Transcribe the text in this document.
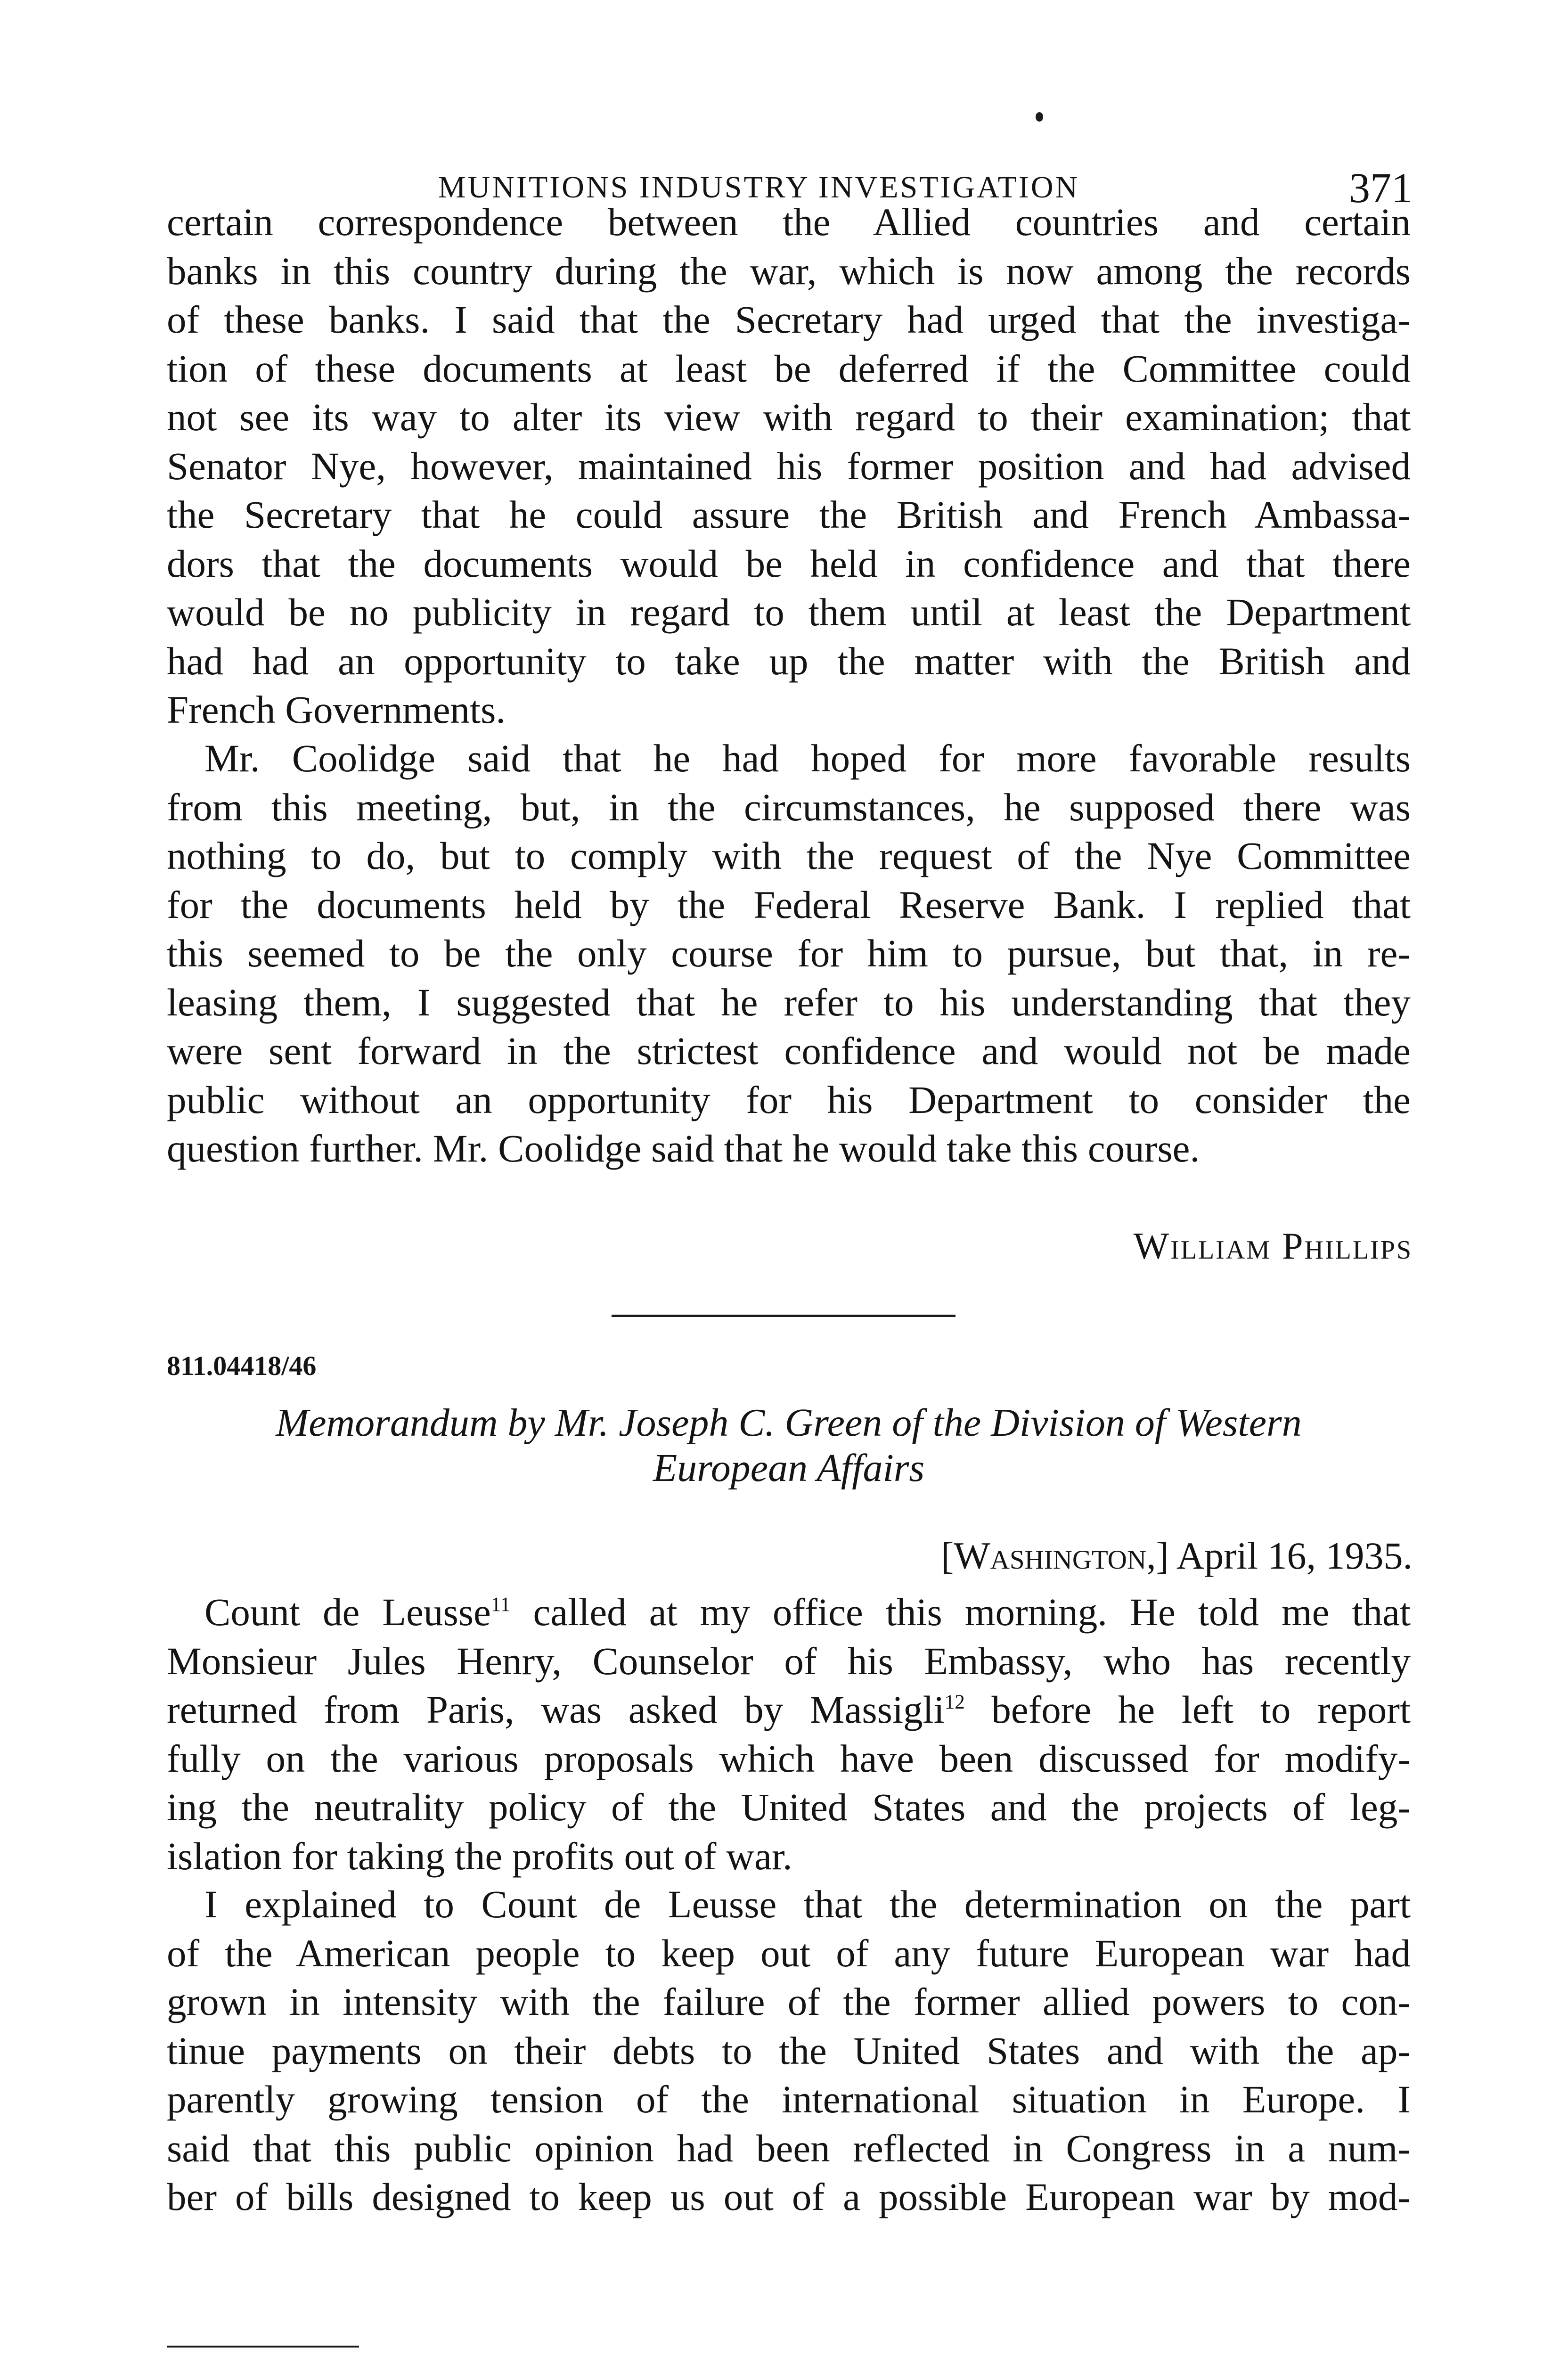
MUNITIONS INDUSTRY INVESTIGATION	371
certain correspondence between the Allied countries and certain
banks in this country during the war, which is now among the records
of these banks. I said that the Secretary had urged that the investiga-
tion of these documents at least be deferred if the Committee could
not see its way to alter its view with regard to their examination; that
Senator Nye, however, maintained his former position and had advised
the Secretary that he could assure the British and French Ambassa-
dors that the documents would be held in confidence and that there
would be no publicity in regard to them until at least the Department
had had an opportunity to take up the matter with the British and
French Governments.
Mr. Coolidge said that he had hoped for more favorable results
from this meeting, but, in the circumstances, he supposed there was
nothing to do, but to comply with the request of the Nye Committee
for the documents held by the Federal Reserve Bank. I replied that
this seemed to be the only course for him to pursue, but that, in re-
leasing them, I suggested that he refer to his understanding that they
were sent forward in the strictest confidence and would not be made
public without an opportunity for his Department to consider the
question further. Mr. Coolidge said that he would take this course.
William Phillips
811.04418/46
Memorandum by Mr. Joseph C. Green of the Division of Western
European Affairs
[Washington,] April 16, 1935.
Count de Leusse$^{11}$ called at my office this morning. He told me that
Monsieur Jules Henry, Counselor of his Embassy, who has recently
returned from Paris, was asked by Massigli$^{12}$ before he left to report
fully on the various proposals which have been discussed for modify-
ing the neutrality policy of the United States and the projects of leg-
islation for taking the profits out of war.
I explained to Count de Leusse that the determination on the part
of the American people to keep out of any future European war had
grown in intensity with the failure of the former allied powers to con-
tinue payments on their debts to the United States and with the ap-
parently growing tension of the international situation in Europe. I
said that this public opinion had been reflected in Congress in a num-
ber of bills designed to keep us out of a possible European war by mod-
